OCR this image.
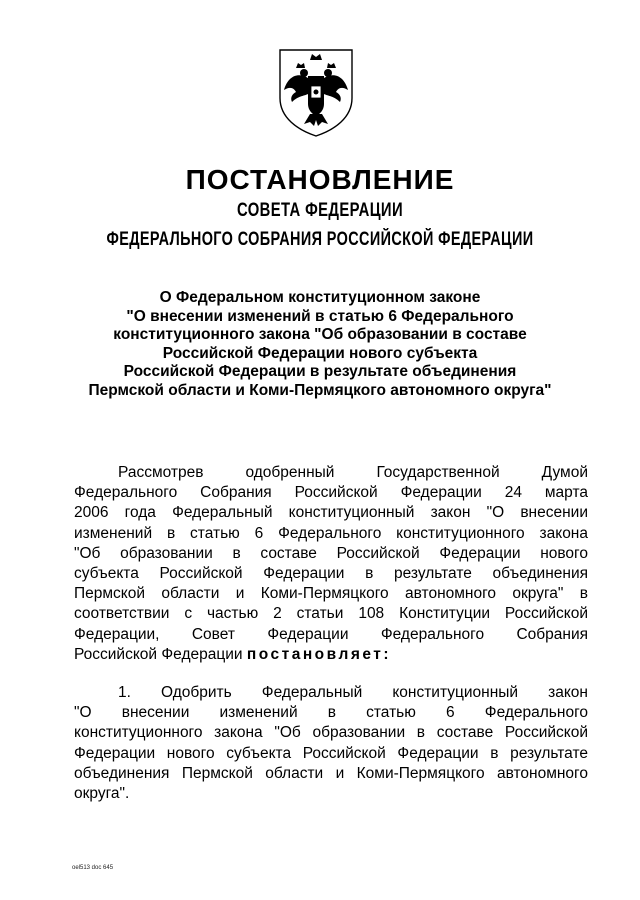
ПОСТАНОВЛЕНИЕ
СОВЕТА ФЕДЕРАЦИИ
ФЕДЕРАЛЬНОГО СОБРАНИЯ РОССИЙСКОЙ ФЕДЕРАЦИИ
О Федеральном конституционном законе
"О внесении изменений в статью 6 Федерального
конституционного закона "Об образовании в составе
Российской Федерации нового субъекта
Российской Федерации в результате объединения
Пермской области и Коми-Пермяцкого автономного округа"
Рассмотрев одобренный Государственной Думой
Федерального Собрания Российской Федерации 24 марта
2006 года Федеральный конституционный закон "О внесении
изменений в статью 6 Федерального конституционного закона
"Об образовании в составе Российской Федерации нового
субъекта Российской Федерации в результате объединения
Пермской области и Коми-Пермяцкого автономного округа" в
соответствии с частью 2 статьи 108 Конституции Российской
Федерации, Совет Федерации Федерального Собрания
Российской Федерации постановляет:
1. Одобрить Федеральный конституционный закон
"О внесении изменений в статью 6 Федерального
конституционного закона "Об образовании в составе Российской
Федерации нового субъекта Российской Федерации в результате
объединения Пермской области и Коми-Пермяцкого автономного
округа".
oel513 doc 645
